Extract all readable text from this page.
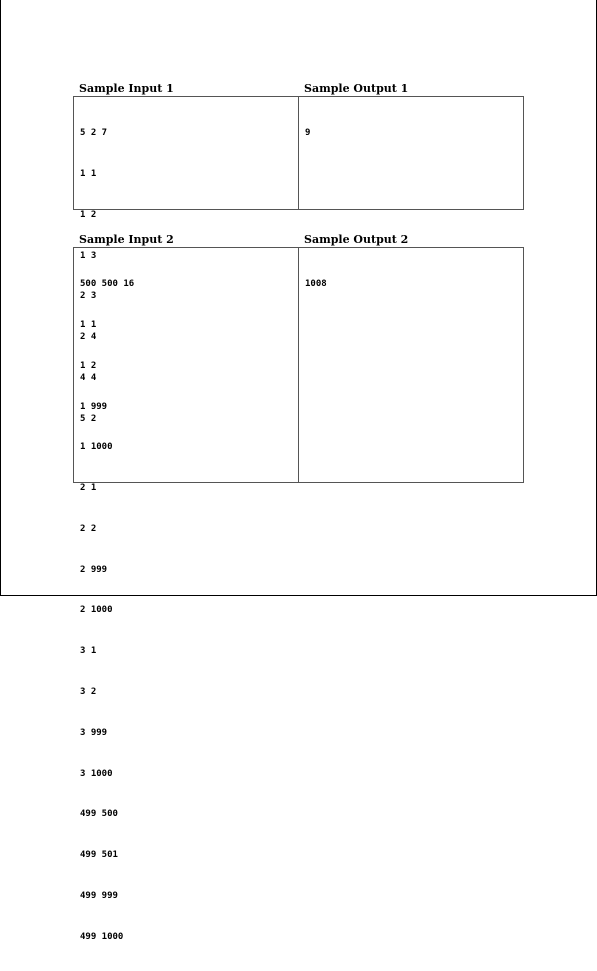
Sample Input 1	Sample Output 1

5 2 7

1 1

1 2

1 3

2 3

2 4

4 4

5 2

9

Sample Input 2	Sample Output 2

500 500 16

1 1

1 2

1 999

1 1000

2 1

2 2

2 999

2 1000

3 1

3 2

3 999

3 1000

499 500

499 501

499 999

499 1000

1008
